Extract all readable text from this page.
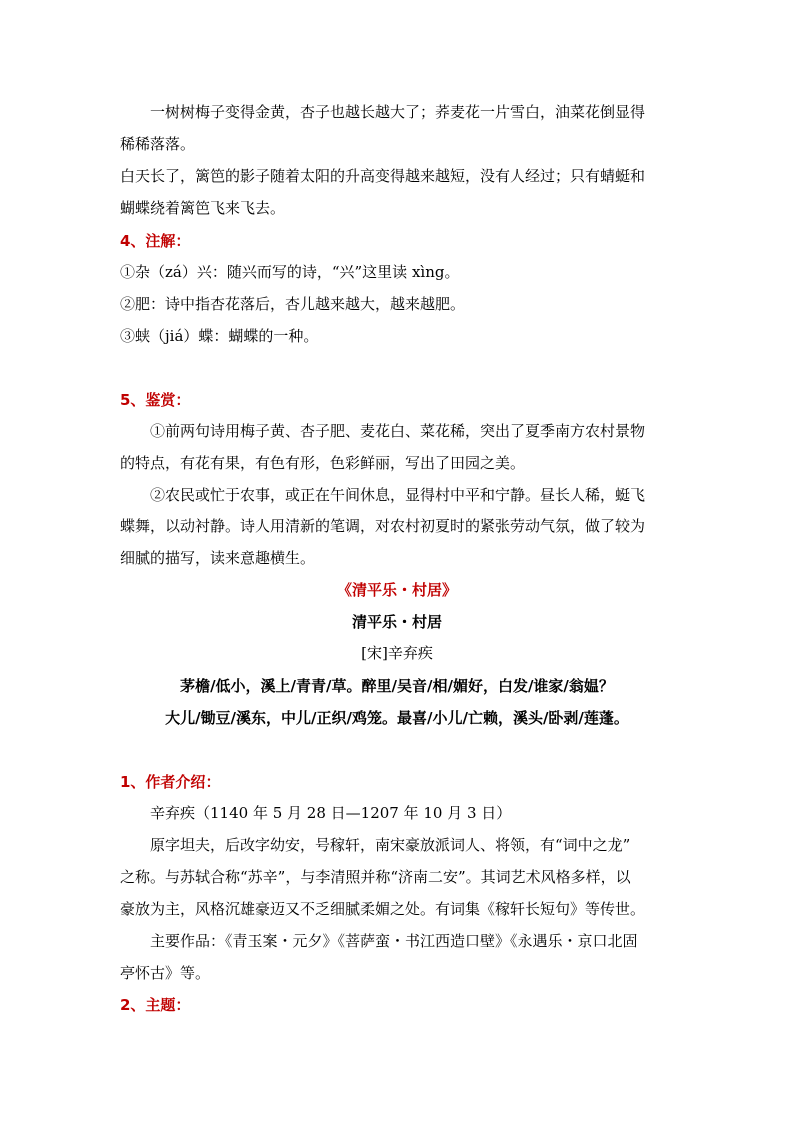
一树树梅子变得金黄，杏子也越长越大了；荞麦花一片雪白，油菜花倒显得
稀稀落落。
白天长了，篱笆的影子随着太阳的升高变得越来越短，没有人经过；只有蜻蜓和
蝴蝶绕着篱笆飞来飞去。
4、注解：
①杂（zá）兴：随兴而写的诗，“兴”这里读 xìng。
②肥：诗中指杏花落后，杏儿越来越大，越来越肥。
③蛱（jiá）蝶：蝴蝶的一种。
5、鉴赏：
①前两句诗用梅子黄、杏子肥、麦花白、菜花稀，突出了夏季南方农村景物
的特点，有花有果，有色有形，色彩鲜丽，写出了田园之美。
②农民或忙于农事，或正在午间休息，显得村中平和宁静。昼长人稀，蜓飞
蝶舞，以动衬静。诗人用清新的笔调，对农村初夏时的紧张劳动气氛，做了较为
细腻的描写，读来意趣横生。
《清平乐・村居》
清平乐・村居
[宋]辛弃疾
茅檐/低小，溪上/青青/草。醉里/吴音/相/媚好，白发/谁家/翁媪？
大儿/锄豆/溪东，中儿/正织/鸡笼。最喜/小儿/亡赖，溪头/卧剥/莲蓬。
1、作者介绍：
辛弃疾（1140 年 5 月 28 日—1207 年 10 月 3 日）
原字坦夫，后改字幼安，号稼轩，南宋豪放派词人、将领，有“词中之龙”
之称。与苏轼合称“苏辛”，与李清照并称“济南二安”。其词艺术风格多样，以
豪放为主，风格沉雄豪迈又不乏细腻柔媚之处。有词集《稼轩长短句》等传世。
主要作品：《青玉案・元夕》《菩萨蛮・书江西造口壁》《永遇乐・京口北固
亭怀古》等。
2、主题：
